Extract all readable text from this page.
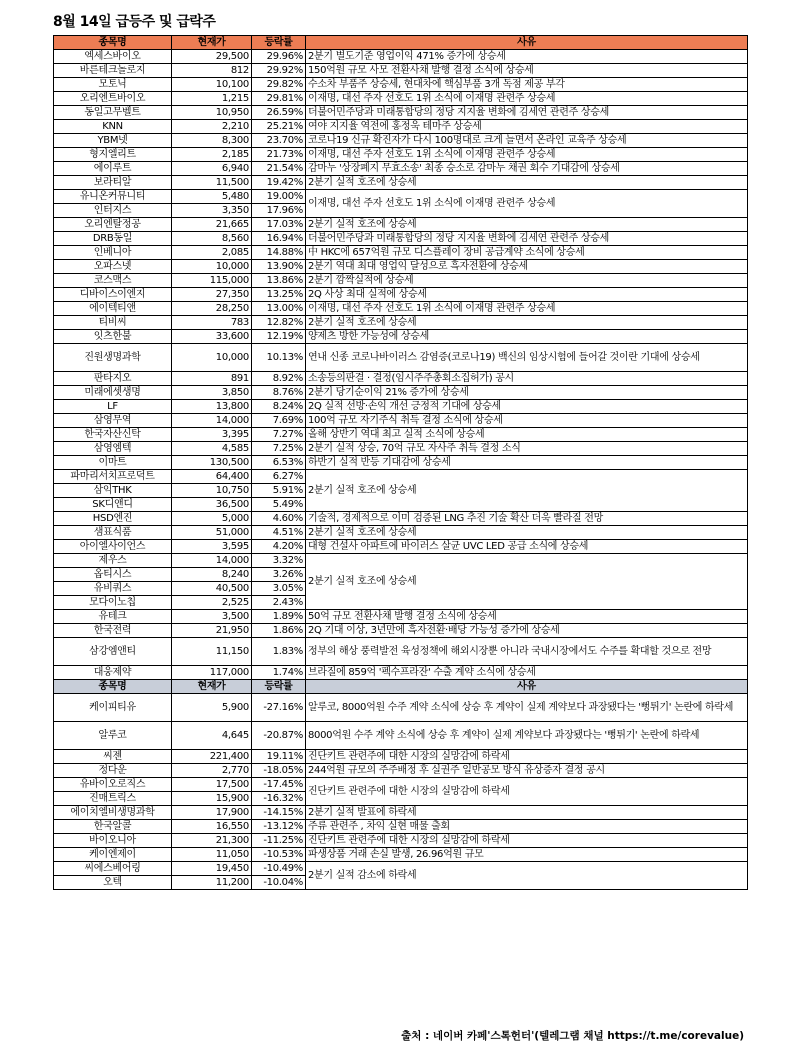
8월 14일 급등주 및 급락주
종목명	현재가	등락률	사유
엑세스바이오	29,500	29.96%	2분기 별도기준 영업이익 471% 증가에 상승세
바른테크놀로지	812	29.92%	150억원 규모 사모 전환사채 발행 결정 소식에 상승세
모토닉	10,100	29.82%	수소차 부품주 상승세, 현대차에 핵심부품 3개 독점 제공 부각
오리엔트바이오	1,215	29.81%	이재명, 대선 주자 선호도 1위 소식에 이재명 관련주 상승세
동일고무벨트	10,950	26.59%	더불어민주당과 미래통합당의 정당 지지율 변화에 김세연 관련주 상승세
KNN	2,210	25.21%	여야 지지율 역전에 홍정욱 테마주 상승세
YBM넷	8,300	23.70%	코로나19 신규 확진자가 다시 100명대로 크게 늘면서 온라인 교육주 상승세
형지엘리트	2,185	21.73%	이재명, 대선 주자 선호도 1위 소식에 이재명 관련주 상승세
에이루트	6,940	21.54%	감마누 '상장폐지 무효소송' 최종 승소로 감마누 채권 회수 기대감에 상승세
보라티알	11,500	19.42%	2분기 실적 호조에 상승세
유니온커뮤니티	5,480	19.00%	이재명, 대선 주자 선호도 1위 소식에 이재명 관련주 상승세
인터지스	3,350	17.96%	
오리엔탈정공	21,665	17.03%	2분기 실적 호조에 상승세
DRB동일	8,560	16.94%	더불어민주당과 미래통합당의 정당 지지율 변화에 김세연 관련주 상승세
인베니아	2,085	14.88%	中 HKC에 657억원 규모 디스플레이 장비 공급계약 소식에 상승세
오파스넷	10,000	13.90%	2분기 역대 최대 영업익 달성으로 흑자전환에 상승세
코스맥스	115,000	13.86%	2분기 깜짝실적에 상승세
디바이스이엔지	27,350	13.25%	2Q 사상 최대 실적에 상승세
에이텍티앤	28,250	13.00%	이재명, 대선 주자 선호도 1위 소식에 이재명 관련주 상승세
티비씨	783	12.82%	2분기 실적 호조에 상승세
잇츠한불	33,600	12.19%	양제츠 방한 가능성에 상승세
진원생명과학	10,000	10.13%	연내 신종 코로나바이러스 감염증(코로나19) 백신의 임상시험에 들어갈 것이란 기대에 상승세
판타지오	891	8.92%	소송등의판결 · 결정(임시주주총회소집허가) 공시
미래에셋생명	3,850	8.76%	2분기 당기순이익 21% 증가에 상승세
LF	13,800	8.24%	2Q 실적 선방·손익 개선 긍정적 기대에 상승세
삼영무역	14,000	7.69%	100억 규모 자기주식 취득 결정 소식에 상승세
한국자산신탁	3,395	7.27%	올해 상반기 역대 최고 실적 소식에 상승세
삼영엠텍	4,585	7.25%	2분기 실적 상승, 70억 규모 자사주 취득 결정 소식
이마트	130,500	6.53%	하반기 실적 반등 기대감에 상승세
파마리서치프로덕트	64,400	6.27%	2분기 실적 호조에 상승세
삼익THK	10,750	5.91%	
SK디앤디	36,500	5.49%	
HSD엔진	5,000	4.60%	기술적, 경제적으로 이미 검증된 LNG 추진 기술 확산 더욱 빨라질 전망
샘표식품	51,000	4.51%	2분기 실적 호조에 상승세
아이엘사이언스	3,595	4.20%	대형 건설사 아파트에 바이러스 살균 UVC LED 공급 소식에 상승세
제우스	14,000	3.32%	2분기 실적 호조에 상승세
옵티시스	8,240	3.26%	
유비쿼스	40,500	3.05%	
모다이노칩	2,525	2.43%	
유테크	3,500	1.89%	50억 규모 전환사채 발행 결정 소식에 상승세
한국전력	21,950	1.86%	2Q 기대 이상, 3년만에 흑자전환·배당 가능성 증가에 상승세
삼강엠앤티	11,150	1.83%	정부의 해상 풍력발전 육성정책에 해외시장뿐 아니라 국내시장에서도 수주를 확대할 것으로 전망
대웅제약	117,000	1.74%	브라질에 859억 '펙수프라잔' 수출 계약 소식에 상승세
종목명	현재가	등락률	사유
케이피티유	5,900	-27.16%	알루코, 8000억원 수주 계약 소식에 상승 후 계약이 실제 계약보다 과장됐다는 '뻥튀기' 논란에 하락세
알루코	4,645	-20.87%	8000억원 수주 계약 소식에 상승 후 계약이 실제 계약보다 과장됐다는 '뻥튀기' 논란에 하락세
씨젠	221,400	19.11%	진단키트 관련주에 대한 시장의 실망감에 하락세
정다운	2,770	-18.05%	244억원 규모의 주주배정 후 실권주 일반공모 방식 유상증자 결정 공시
유바이오로직스	17,500	-17.45%	진단키트 관련주에 대한 시장의 실망감에 하락세
진매트릭스	15,900	-16.32%	
에이치엘비생명과학	17,900	-14.15%	2분기 실적 발표에 하락세
한국알콜	16,550	-13.12%	주류 관련주 , 차익 실현 매물 출회
바이오니아	21,300	-11.25%	진단키트 관련주에 대한 시장의 실망감에 하락세
케이엔제이	11,050	-10.53%	파생상품 거래 손실 발생, 26.96억원 규모
씨에스베어링	19,450	-10.49%	2분기 실적 감소에 하락세
오텍	11,200	-10.04%	
출처 : 네이버 카페'스톡헌터'(텔레그램 채널 https://t.me/corevalue)
